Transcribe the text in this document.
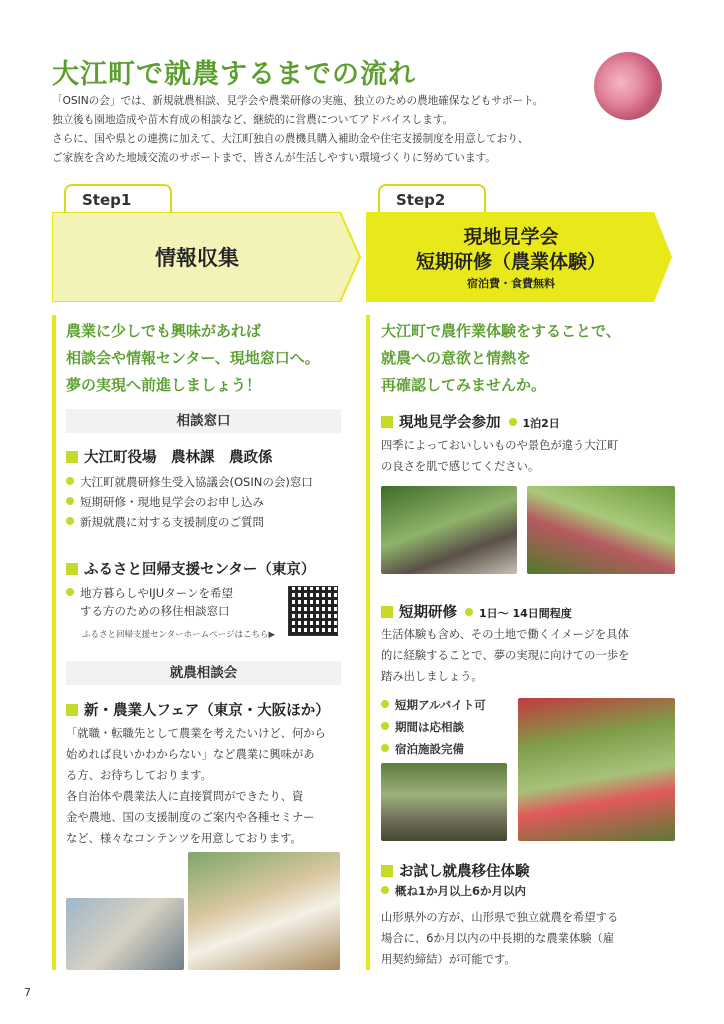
大江町で就農するまでの流れ

「OSINの会」では、新規就農相談、見学会や農業研修の実施、独立のための農地確保などもサポート。

独立後も園地造成や苗木育成の相談など、継続的に営農についてアドバイスします。

さらに、国や県との連携に加えて、大江町独自の農機具購入補助金や住宅支援制度を用意しており、

ご家族を含めた地域交流のサポートまで、皆さんが生活しやすい環境づくりに努めています。

Step1	Step2
情報収集
現地見学会
短期研修（農業体験）
宿泊費・食費無料
農業に少しでも興味があれば
相談会や情報センター、現地窓口へ。
夢の実現へ前進しましょう！
相談窓口
大江町役場　農林課　農政係
大江町就農研修生受入協議会(OSINの会)窓口
短期研修・現地見学会のお申し込み
新規就農に対する支援制度のご質問
ふるさと回帰支援センター（東京）
地方暮らしやIJUターンを希望
する方のための移住相談窓口
ふるさと回帰支援センターホームページはこちら▶
就農相談会
新・農業人フェア（東京・大阪ほか）

「就職・転職先として農業を考えたいけど、何から

始めれば良いかわからない」など農業に興味があ

る方、お待ちしております。

各自治体や農業法人に直接質問ができたり、資

金や農地、国の支援制度のご案内や各種セミナー

など、様々なコンテンツを用意しております。

大江町で農作業体験をすることで、
就農への意欲と情熱を
再確認してみませんか。
現地見学会参加 1泊2日

四季によっておいしいものや景色が違う大江町

の良さを肌で感じてください。

短期研修 1日～ 14日間程度

生活体験も含め、その土地で働くイメージを具体

的に経験することで、夢の実現に向けての一歩を

踏み出しましょう。

短期アルバイト可
期間は応相談
宿泊施設完備
お試し就農移住体験
概ね1か月以上6か月以内

山形県外の方が、山形県で独立就農を希望する

場合に、6か月以内の中長期的な農業体験（雇

用契約締結）が可能です。

7
